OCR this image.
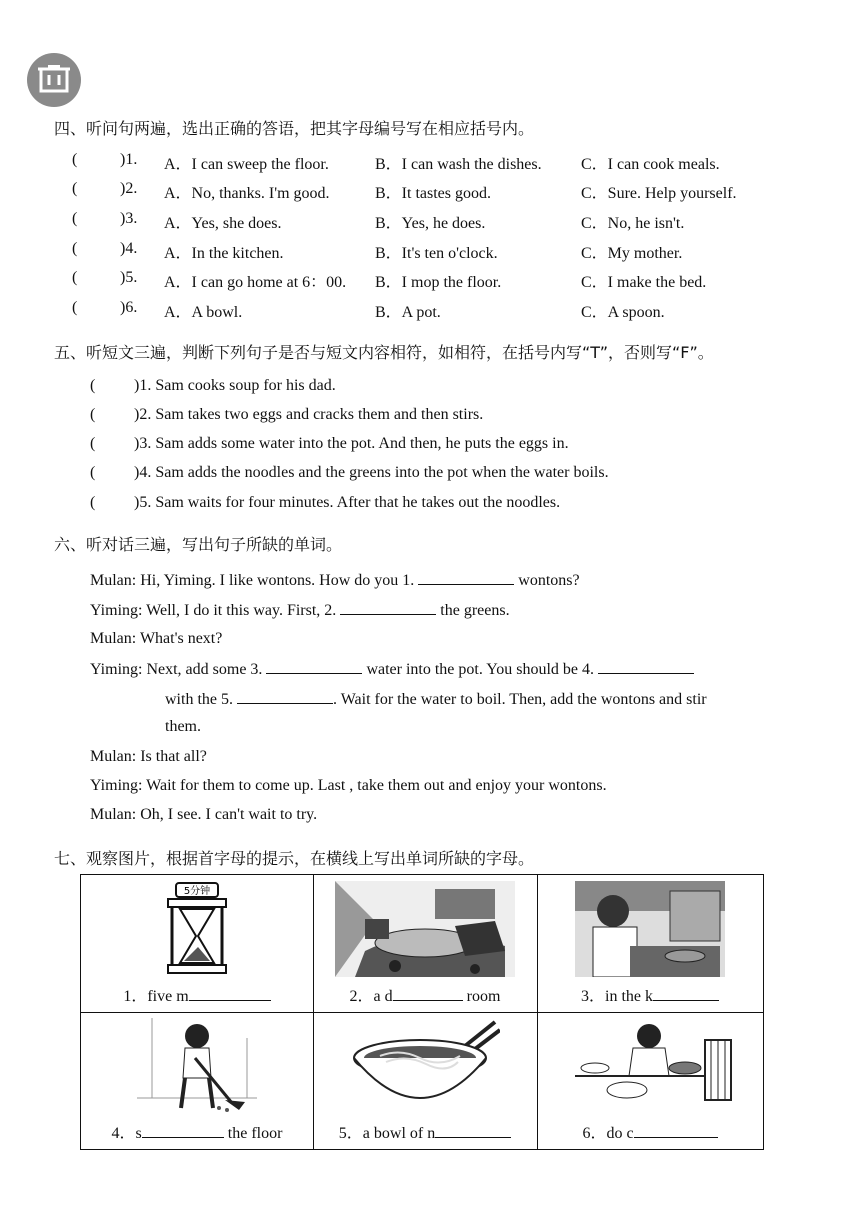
四、听问句两遍，选出正确的答语，把其字母编号写在相应括号内。
(	)1. A．I can sweep the floor.	B．I can wash the dishes. C．I can cook meals.
(	)2. A．No, thanks. I'm good.	B．It tastes good.	C．Sure. Help yourself.
(	)3. A．Yes, she does.	B．Yes, he does.	C．No, he isn't.
(	)4. A．In the kitchen.	B．It's ten o'clock.	C．My mother.
(	)5. A．I can go home at 6：00. B．I mop the floor.	C．I make the bed.
(	)6. A．A bowl.	B．A pot.	C．A spoon.
五、听短文三遍，判断下列句子是否与短文内容相符，如相符，在括号内写“T”，否则写“F”。
( )1. Sam cooks soup for his dad.
( )2. Sam takes two eggs and cracks them and then stirs.
( )3. Sam adds some water into the pot. And then, he puts the eggs in.
( )4. Sam adds the noodles and the greens into the pot when the water boils.
( )5. Sam waits for four minutes. After that he takes out the noodles.
六、听对话三遍，写出句子所缺的单词。
Mulan: Hi, Yiming. I like wontons. How do you 1.	wontons?
Yiming: Well, I do it this way. First, 2.	the greens.
Mulan: What's next?
Yiming: Next, add some 3.	water into the pot. You should be 4.
with the 5.	. Wait for the water to boil. Then, add the wontons and stir
them.
Mulan: Is that all?
Yiming: Wait for them to come up. Last , take them out and enjoy your wontons.
Mulan: Oh, I see. I can't wait to try.
七、观察图片，根据首字母的提示，在横线上写出单词所缺的字母。
5分钟
1．five m	2．a d	room	3．in the k
4．s	the floor	5．a bowl of n	6．do c
